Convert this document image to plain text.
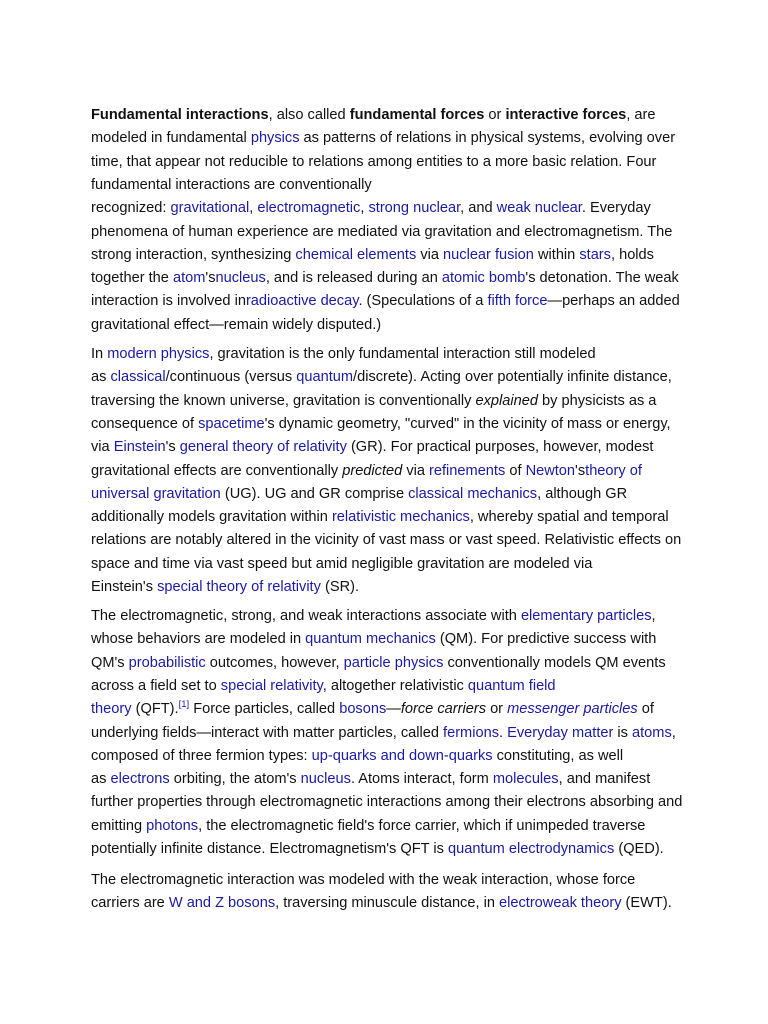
Fundamental interactions, also called fundamental forces or interactive forces, are

modeled in fundamental physics as patterns of relations in physical systems, evolving over

time, that appear not reducible to relations among entities to a more basic relation. Four

fundamental interactions are conventionally

recognized: gravitational, electromagnetic, strong nuclear, and weak nuclear. Everyday

phenomena of human experience are mediated via gravitation and electromagnetism. The

strong interaction, synthesizing chemical elements via nuclear fusion within stars, holds

together the atom'snucleus, and is released during an atomic bomb's detonation. The weak

interaction is involved inradioactive decay. (Speculations of a fifth force—perhaps an added

gravitational effect—remain widely disputed.)

In modern physics, gravitation is the only fundamental interaction still modeled

as classical/continuous (versus quantum/discrete). Acting over potentially infinite distance,

traversing the known universe, gravitation is conventionally explained by physicists as a

consequence of spacetime's dynamic geometry, "curved" in the vicinity of mass or energy,

via Einstein's general theory of relativity (GR). For practical purposes, however, modest

gravitational effects are conventionally predicted via refinements of Newton'stheory of

universal gravitation (UG). UG and GR comprise classical mechanics, although GR

additionally models gravitation within relativistic mechanics, whereby spatial and temporal

relations are notably altered in the vicinity of vast mass or vast speed. Relativistic effects on

space and time via vast speed but amid negligible gravitation are modeled via

Einstein's special theory of relativity (SR).

The electromagnetic, strong, and weak interactions associate with elementary particles,

whose behaviors are modeled in quantum mechanics (QM). For predictive success with

QM's probabilistic outcomes, however, particle physics conventionally models QM events

across a field set to special relativity, altogether relativistic quantum field

theory (QFT).[1] Force particles, called bosons—force carriers or messenger particles of

underlying fields—interact with matter particles, called fermions. Everyday matter is atoms,

composed of three fermion types: up-quarks and down-quarks constituting, as well

as electrons orbiting, the atom's nucleus. Atoms interact, form molecules, and manifest

further properties through electromagnetic interactions among their electrons absorbing and

emitting photons, the electromagnetic field's force carrier, which if unimpeded traverse

potentially infinite distance. Electromagnetism's QFT is quantum electrodynamics (QED).

The electromagnetic interaction was modeled with the weak interaction, whose force

carriers are W and Z bosons, traversing minuscule distance, in electroweak theory (EWT).
